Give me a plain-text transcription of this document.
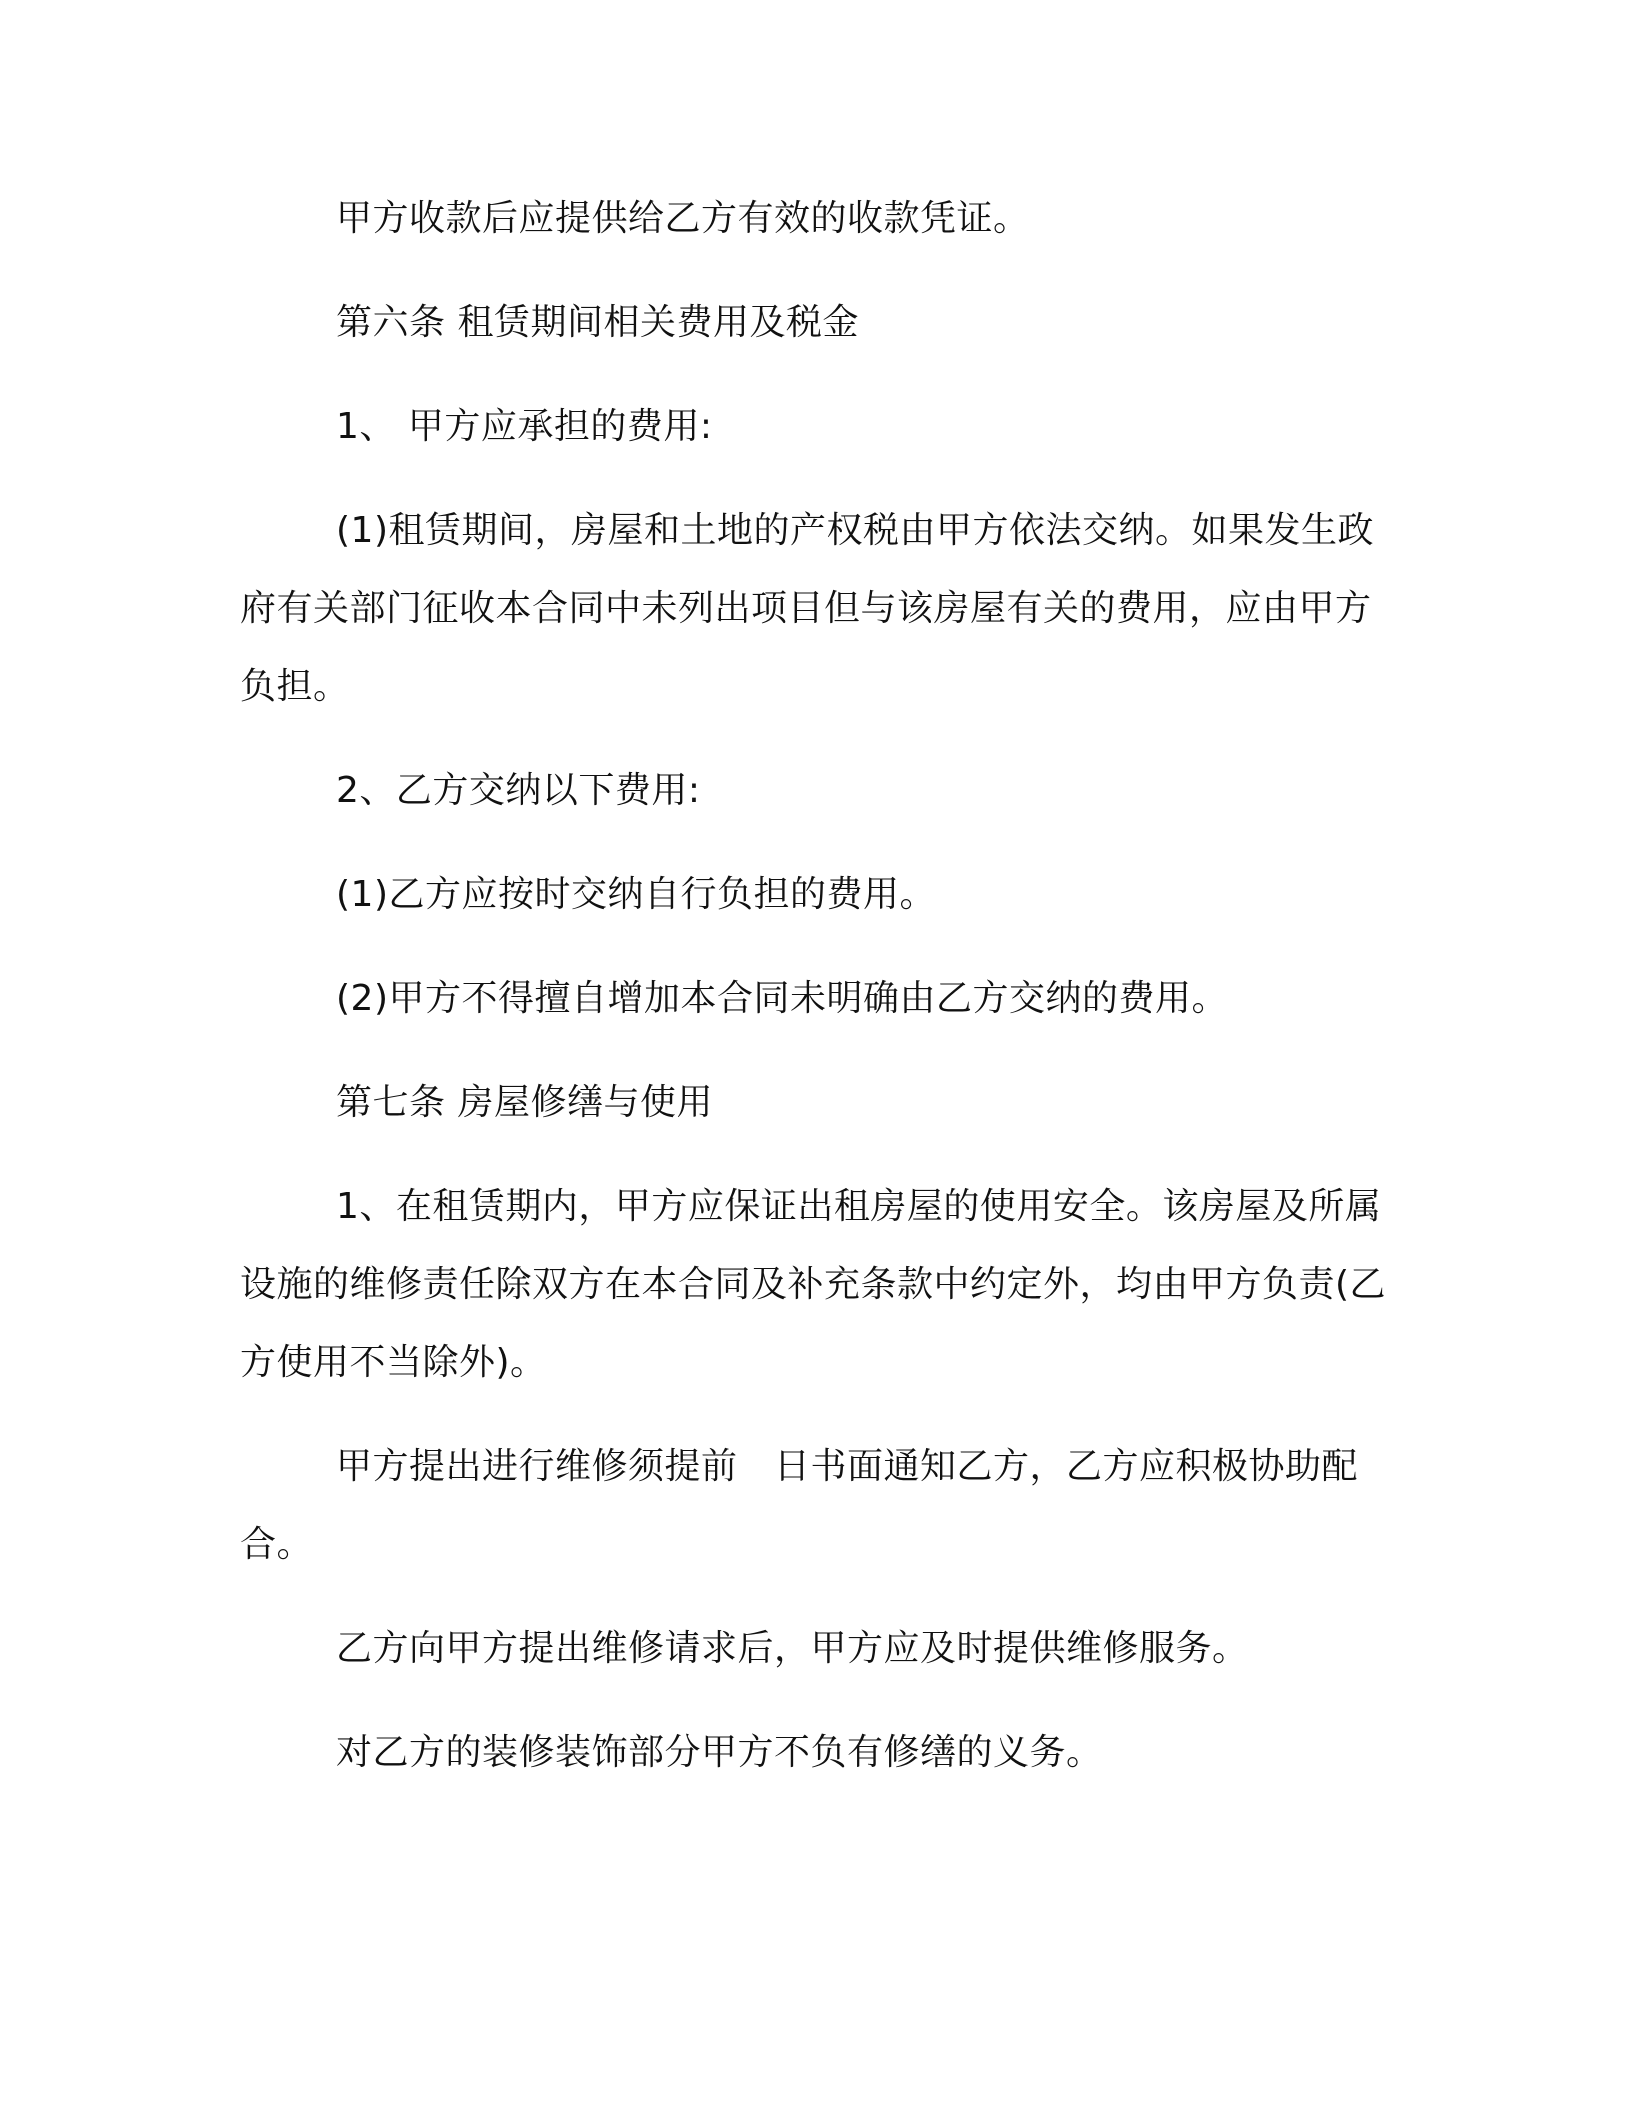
甲方收款后应提供给乙方有效的收款凭证。

第六条 租赁期间相关费用及税金

1、 甲方应承担的费用:

(1)租赁期间，房屋和土地的产权税由甲方依法交纳。如果发生政府有关部门征收本合同中未列出项目但与该房屋有关的费用，应由甲方负担。

2、乙方交纳以下费用:

(1)乙方应按时交纳自行负担的费用。

(2)甲方不得擅自增加本合同未明确由乙方交纳的费用。

第七条 房屋修缮与使用

1、在租赁期内，甲方应保证出租房屋的使用安全。该房屋及所属设施的维修责任除双方在本合同及补充条款中约定外，均由甲方负责(乙方使用不当除外)。

甲方提出进行维修须提前　日书面通知乙方，乙方应积极协助配合。

乙方向甲方提出维修请求后，甲方应及时提供维修服务。

对乙方的装修装饰部分甲方不负有修缮的义务。
